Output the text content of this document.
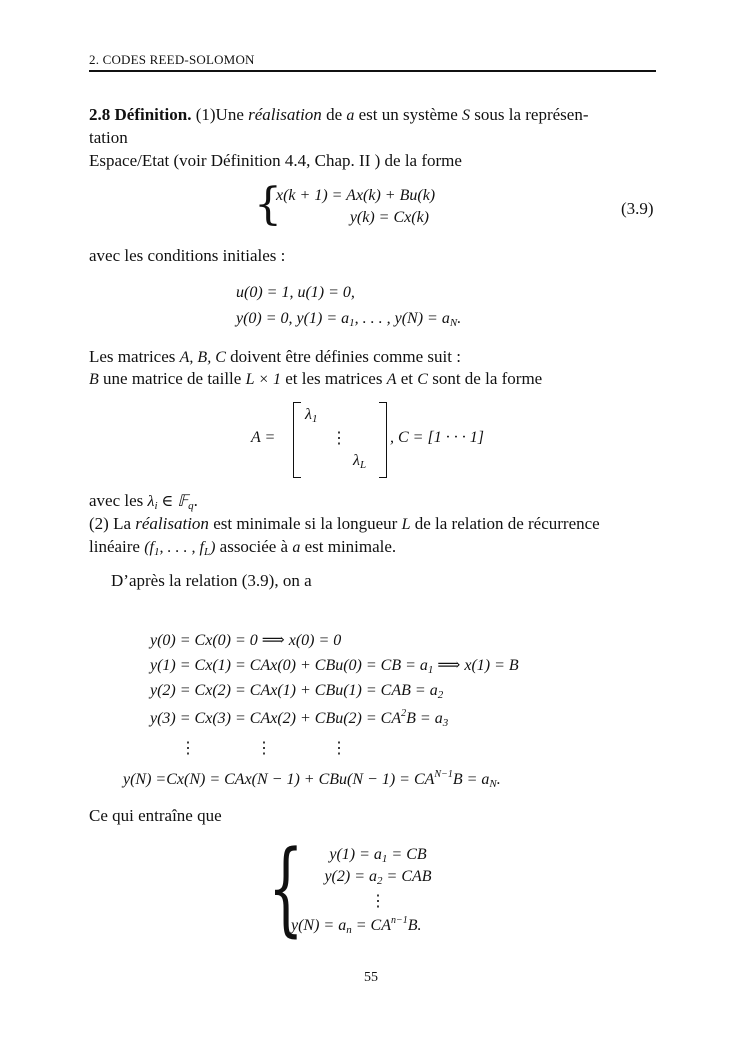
2. CODES REED-SOLOMON
2.8 Définition. (1)Une réalisation de a est un système S sous la représen-
tation
Espace/Etat (voir Définition 4.4, Chap. II ) de la forme
{
x(k + 1) = Ax(k) + Bu(k)
y(k) = Cx(k)	(3.9)
avec les conditions initiales :
u(0) = 1, u(1) = 0,
y(0) = 0, $y(1) = a_1$, . . . , $y(N) = a_N$.
Les matrices A, B, C doivent être définies comme suit :
B une matrice de taille L × 1 et les matrices A et C sont de la forme
A =
$\lambda_1$
⋮
$\lambda_L$
, C = [1 · · · 1]
avec les $\lambda_i$ ∈ 𝔽$_q$.
(2) La réalisation est minimale si la longueur L de la relation de récurrence
linéaire ($f_1$, . . . , $f_L$) associée à a est minimale.
D’après la relation (3.9), on a
y(0) = Cx(0) = 0 ⟹ x(0) = 0
y(1) = Cx(1) = CAx(0) + CBu(0) = CB = $a_1$ ⟹ x(1) = B
y(2) = Cx(2) = CAx(1) + CBu(1) = CAB = $a_2$
$y(3) = Cx(3) = CAx(2) + CBu(2) = CA^2B = a_3$
⋮	⋮	⋮
$y(N) =Cx(N) = CAx(N - 1) + CBu(N - 1) = CA^{N-1}B = a_N$.
Ce qui entraîne que
{	$y(1) = a_1$ = CB
$y(2) = a_2$ = CAB
⋮
$y(N) = a_n = CA^{n-1}B$.
55
